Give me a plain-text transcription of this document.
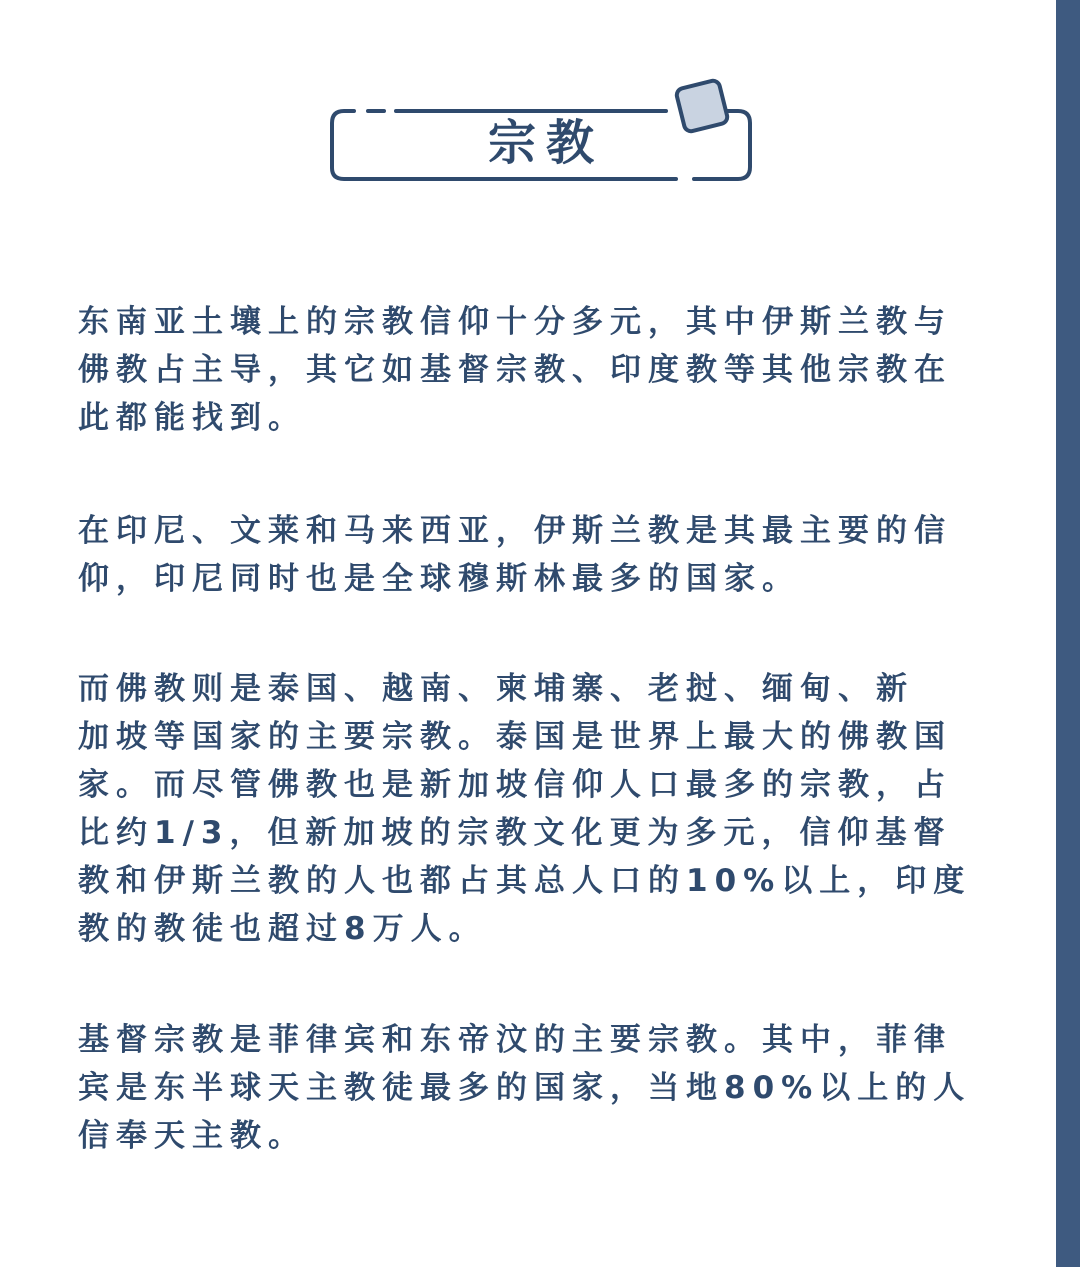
宗教

东南亚土壤上的宗教信仰十分多元，其中伊斯兰教与
佛教占主导，其它如基督宗教、印度教等其他宗教在
此都能找到。

在印尼、文莱和马来西亚，伊斯兰教是其最主要的信
仰，印尼同时也是全球穆斯林最多的国家。

而佛教则是泰国、越南、柬埔寨、老挝、缅甸、新
加坡等国家的主要宗教。泰国是世界上最大的佛教国
家。而尽管佛教也是新加坡信仰人口最多的宗教，占
比约1/3，但新加坡的宗教文化更为多元，信仰基督
教和伊斯兰教的人也都占其总人口的10%以上，印度
教的教徒也超过8万人。

基督宗教是菲律宾和东帝汶的主要宗教。其中，菲律
宾是东半球天主教徒最多的国家，当地80%以上的人
信奉天主教。
